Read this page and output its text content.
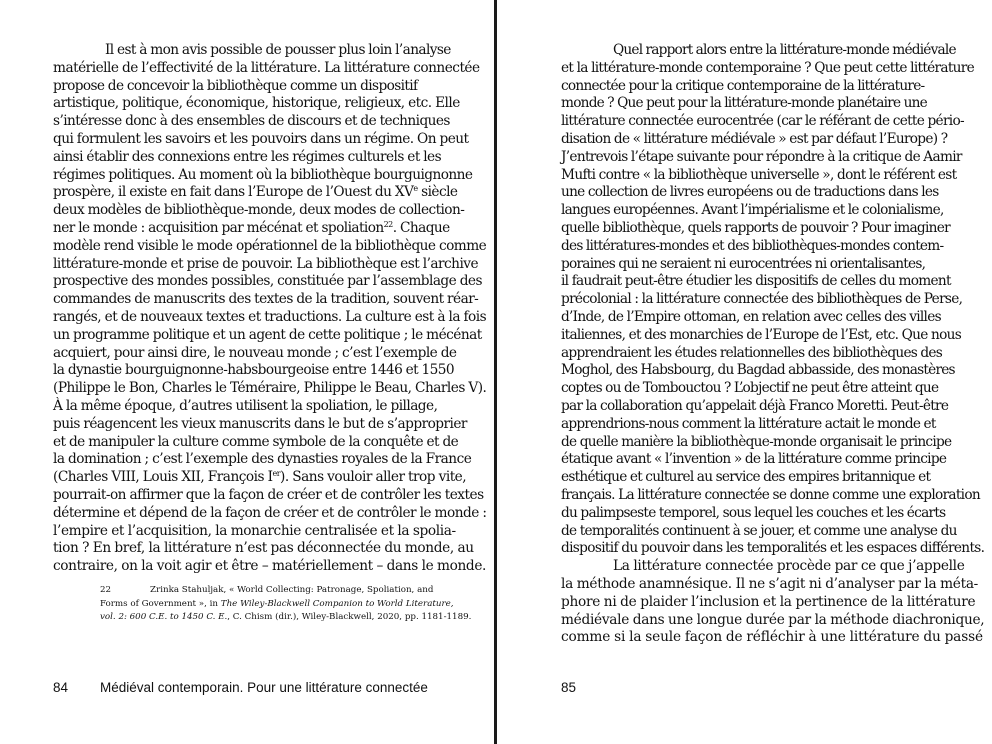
Il est à mon avis possible de pousser plus loin l’analyse
matérielle de l’effectivité de la littérature. La littérature connectée
propose de concevoir la bibliothèque comme un dispositif
artistique, politique, économique, historique, religieux, etc. Elle
s’intéresse donc à des ensembles de discours et de techniques
qui formulent les savoirs et les pouvoirs dans un régime. On peut
ainsi établir des connexions entre les régimes culturels et les
régimes politiques. Au moment où la bibliothèque bourguignonne
prospère, il existe en fait dans l’Europe de l’Ouest du XVe siècle
deux modèles de bibliothèque-monde, deux modes de collection-
ner le monde : acquisition par mécénat et spoliation$^{22}$. Chaque
modèle rend visible le mode opérationnel de la bibliothèque comme
littérature-monde et prise de pouvoir. La bibliothèque est l’archive
prospective des mondes possibles, constituée par l’assemblage des
commandes de manuscrits des textes de la tradition, souvent réar-
rangés, et de nouveaux textes et traductions. La culture est à la fois
un programme politique et un agent de cette politique ; le mécénat
acquiert, pour ainsi dire, le nouveau monde ; c’est l’exemple de
la dynastie bourguignonne-habsbourgeoise entre 1446 et 1550
(Philippe le Bon, Charles le Téméraire, Philippe le Beau, Charles V).
À la même époque, d’autres utilisent la spoliation, le pillage,
puis réagencent les vieux manuscrits dans le but de s’approprier
et de manipuler la culture comme symbole de la conquête et de
la domination ; c’est l’exemple des dynasties royales de la France
(Charles VIII, Louis XII, François Ier). Sans vouloir aller trop vite,
pourrait-on affirmer que la façon de créer et de contrôler les textes
détermine et dépend de la façon de créer et de contrôler le monde :
l’empire et l’acquisition, la monarchie centralisée et la spolia-
tion ? En bref, la littérature n’est pas déconnectée du monde, au
contraire, on la voit agir et être – matériellement – dans le monde.
22	Zrinka Stahuljak, « World Collecting: Patronage, Spoliation, and
Forms of Government », in The Wiley-Blackwell Companion to World Literature,
vol. 2: 600 C.E. to 1450 C. E., C. Chism (dir.), Wiley-Blackwell, 2020, pp. 1181-1189.
84 Médiéval contemporain. Pour une littérature connectée
Quel rapport alors entre la littérature-monde médiévale
et la littérature-monde contemporaine ? Que peut cette littérature
connectée pour la critique contemporaine de la littérature-
monde ? Que peut pour la littérature-monde planétaire une
littérature connectée eurocentrée (car le référant de cette pério-
disation de « littérature médiévale » est par défaut l’Europe) ?
J’entrevois l’étape suivante pour répondre à la critique de Aamir
Mufti contre « la bibliothèque universelle », dont le référent est
une collection de livres européens ou de traductions dans les
langues européennes. Avant l’impérialisme et le colonialisme,
quelle bibliothèque, quels rapports de pouvoir ? Pour imaginer
des littératures-mondes et des bibliothèques-mondes contem-
poraines qui ne seraient ni eurocentrées ni orientalisantes,
il faudrait peut-être étudier les dispositifs de celles du moment
précolonial : la littérature connectée des bibliothèques de Perse,
d’Inde, de l’Empire ottoman, en relation avec celles des villes
italiennes, et des monarchies de l’Europe de l’Est, etc. Que nous
apprendraient les études relationnelles des bibliothèques des
Moghol, des Habsbourg, du Bagdad abbasside, des monastères
coptes ou de Tombouctou ? L’objectif ne peut être atteint que
par la collaboration qu’appelait déjà Franco Moretti. Peut-être
apprendrions-nous comment la littérature actait le monde et
de quelle manière la bibliothèque-monde organisait le principe
étatique avant « l’invention » de la littérature comme principe
esthétique et culturel au service des empires britannique et
français. La littérature connectée se donne comme une exploration
du palimpseste temporel, sous lequel les couches et les écarts
de temporalités continuent à se jouer, et comme une analyse du
dispositif du pouvoir dans les temporalités et les espaces différents.
La littérature connectée procède par ce que j’appelle
la méthode anamnésique. Il ne s’agit ni d’analyser par la méta-
phore ni de plaider l’inclusion et la pertinence de la littérature
médiévale dans une longue durée par la méthode diachronique,
comme si la seule façon de réfléchir à une littérature du passé
85
